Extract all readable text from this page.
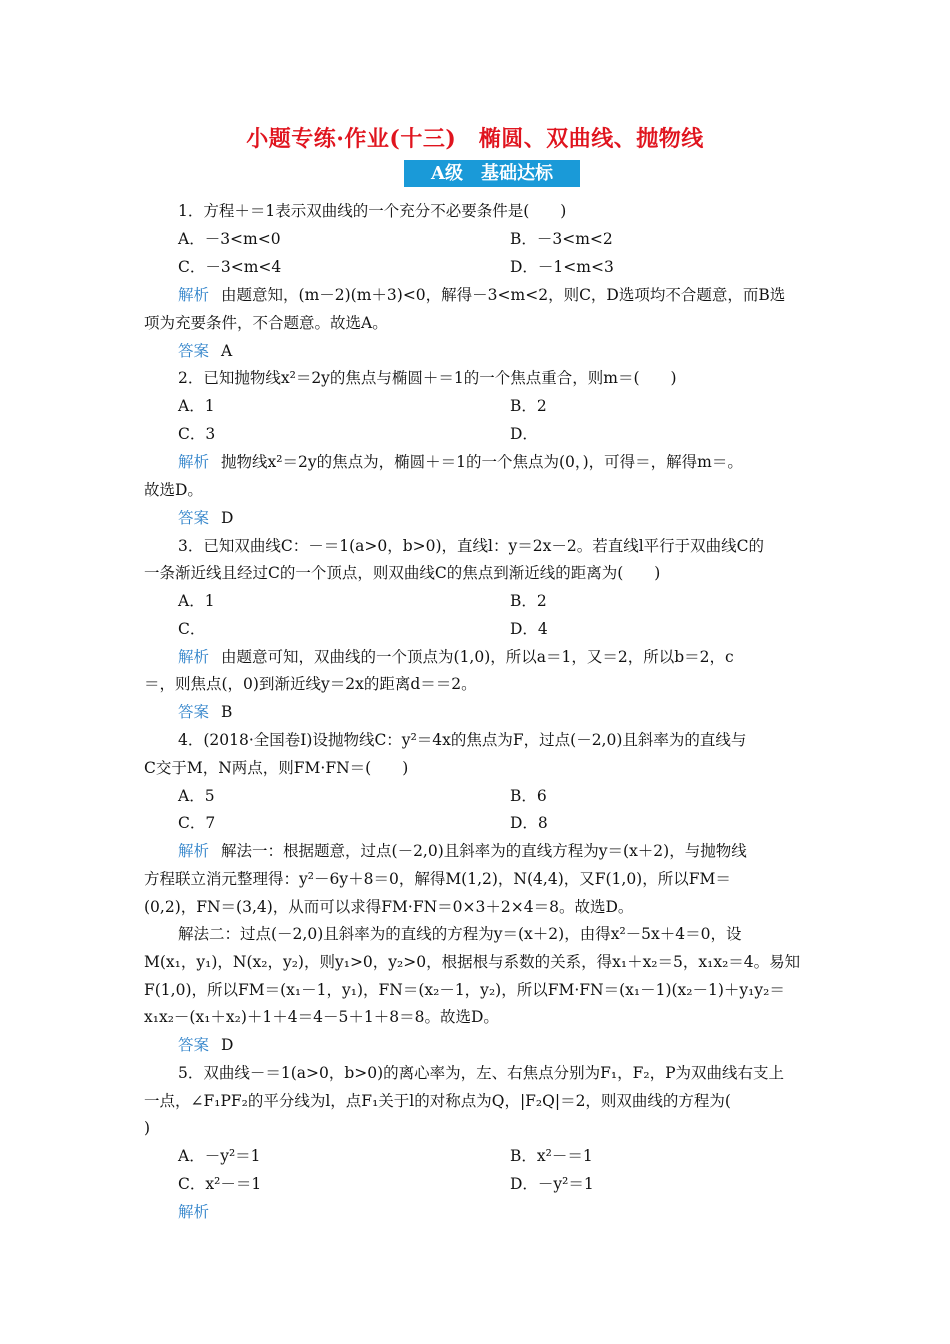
小题专练·作业(十三)　椭圆、双曲线、抛物线
A级　基础达标
1．方程＋＝1表示双曲线的一个充分不必要条件是(　　)
A．－3<m<0	B．－3<m<2
C．－3<m<4	D．－1<m<3
解析 由题意知，(m－2)(m＋3)<0，解得－3<m<2，则C，D选项均不合题意，而B选
项为充要条件，不合题意。故选A。
答案 A
2．已知抛物线x²＝2y的焦点与椭圆＋＝1的一个焦点重合，则m＝(　　)
A．1	B．2
C．3	D．
解析 抛物线x²＝2y的焦点为，椭圆＋＝1的一个焦点为(0，)，可得＝，解得m＝。
故选D。
答案 D
3．已知双曲线C：－＝1(a>0，b>0)，直线l：y＝2x－2。若直线l平行于双曲线C的
一条渐近线且经过C的一个顶点，则双曲线C的焦点到渐近线的距离为(　　)
A．1	B．2
C．	D．4
解析 由题意可知，双曲线的一个顶点为(1,0)，所以a＝1，又＝2，所以b＝2，c
＝，则焦点(，0)到渐近线y＝2x的距离d＝＝2。
答案 B
4．(2018·全国卷Ⅰ)设抛物线C：y²＝4x的焦点为F，过点(－2,0)且斜率为的直线与
C交于M，N两点，则FM·FN＝(　　)
A．5	B．6
C．7	D．8
解析 解法一：根据题意，过点(－2,0)且斜率为的直线方程为y＝(x＋2)，与抛物线
方程联立消元整理得：y²－6y＋8＝0，解得M(1,2)，N(4,4)，又F(1,0)，所以FM＝
(0,2)，FN＝(3,4)，从而可以求得FM·FN＝0×3＋2×4＝8。故选D。
解法二：过点(－2,0)且斜率为的直线的方程为y＝(x＋2)，由得x²－5x＋4＝0，设
M(x₁，y₁)，N(x₂，y₂)，则y₁>0，y₂>0，根据根与系数的关系，得x₁＋x₂＝5，x₁x₂＝4。易知
F(1,0)，所以FM＝(x₁－1，y₁)，FN＝(x₂－1，y₂)，所以FM·FN＝(x₁－1)(x₂－1)＋y₁y₂＝
x₁x₂－(x₁＋x₂)＋1＋4＝4－5＋1＋8＝8。故选D。
答案 D
5．双曲线－＝1(a>0，b>0)的离心率为，左、右焦点分别为F₁，F₂，P为双曲线右支上
一点，∠F₁PF₂的平分线为l，点F₁关于l的对称点为Q，|F₂Q|＝2，则双曲线的方程为(
)
A．－y²＝1	B．x²－＝1
C．x²－＝1	D．－y²＝1
解析
